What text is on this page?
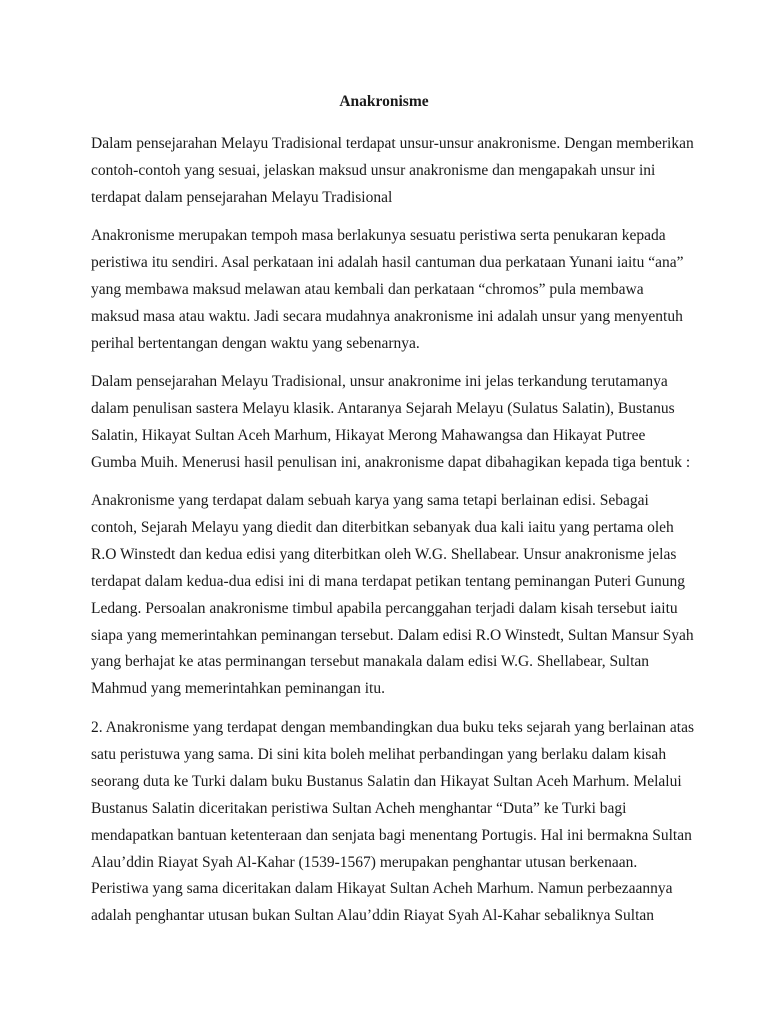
Anakronisme

Dalam pensejarahan Melayu Tradisional terdapat unsur-unsur anakronisme. Dengan memberikan
contoh-contoh yang sesuai, jelaskan maksud unsur anakronisme dan mengapakah unsur ini
terdapat dalam pensejarahan Melayu Tradisional

Anakronisme merupakan tempoh masa berlakunya sesuatu peristiwa serta penukaran kepada
peristiwa itu sendiri. Asal perkataan ini adalah hasil cantuman dua perkataan Yunani iaitu “ana”
yang membawa maksud melawan atau kembali dan perkataan “chromos” pula membawa
maksud masa atau waktu. Jadi secara mudahnya anakronisme ini adalah unsur yang menyentuh
perihal bertentangan dengan waktu yang sebenarnya.

Dalam pensejarahan Melayu Tradisional, unsur anakronime ini jelas terkandung terutamanya
dalam penulisan sastera Melayu klasik. Antaranya Sejarah Melayu (Sulatus Salatin), Bustanus
Salatin, Hikayat Sultan Aceh Marhum, Hikayat Merong Mahawangsa dan Hikayat Putree
Gumba Muih. Menerusi hasil penulisan ini, anakronisme dapat dibahagikan kepada tiga bentuk :

Anakronisme yang terdapat dalam sebuah karya yang sama tetapi berlainan edisi. Sebagai
contoh, Sejarah Melayu yang diedit dan diterbitkan sebanyak dua kali iaitu yang pertama oleh
R.O Winstedt dan kedua edisi yang diterbitkan oleh W.G. Shellabear. Unsur anakronisme jelas
terdapat dalam kedua-dua edisi ini di mana terdapat petikan tentang peminangan Puteri Gunung
Ledang. Persoalan anakronisme timbul apabila percanggahan terjadi dalam kisah tersebut iaitu
siapa yang memerintahkan peminangan tersebut. Dalam edisi R.O Winstedt, Sultan Mansur Syah
yang berhajat ke atas perminangan tersebut manakala dalam edisi W.G. Shellabear, Sultan
Mahmud yang memerintahkan peminangan itu.

2. Anakronisme yang terdapat dengan membandingkan dua buku teks sejarah yang berlainan atas
satu peristuwa yang sama. Di sini kita boleh melihat perbandingan yang berlaku dalam kisah
seorang duta ke Turki dalam buku Bustanus Salatin dan Hikayat Sultan Aceh Marhum. Melalui
Bustanus Salatin diceritakan peristiwa Sultan Acheh menghantar “Duta” ke Turki bagi
mendapatkan bantuan ketenteraan dan senjata bagi menentang Portugis. Hal ini bermakna Sultan
Alau’ddin Riayat Syah Al-Kahar (1539-1567) merupakan penghantar utusan berkenaan.
Peristiwa yang sama diceritakan dalam Hikayat Sultan Acheh Marhum. Namun perbezaannya
adalah penghantar utusan bukan Sultan Alau’ddin Riayat Syah Al-Kahar sebaliknya Sultan
